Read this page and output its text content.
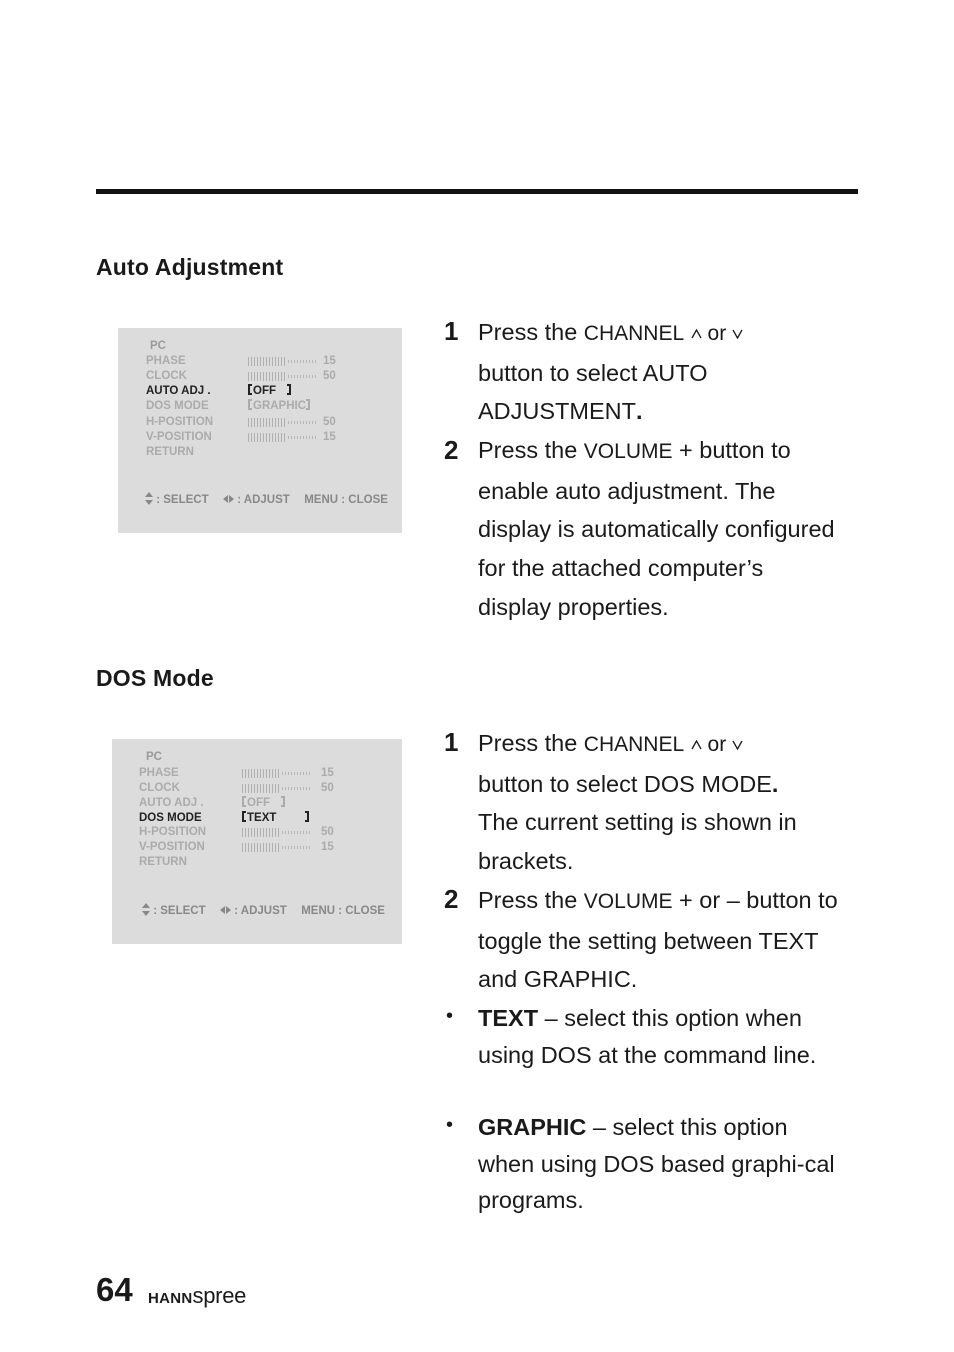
Auto Adjustment
PC
PHASE	15
CLOCK	50
AUTO ADJ .	OFF
DOS MODE	GRAPHIC
H-POSITION	50
V-POSITION	15
RETURN
: SELECT : ADJUST MENU : CLOSE
1 Press the CHANNEL  or
button to select AUTO ADJUSTMENT.
2 Press the VOLUME + button to enable auto adjustment. The display is automatically configured for the attached computer’s display properties.
DOS Mode
PC
PHASE	15
CLOCK	50
AUTO ADJ .	OFF
DOS MODE	TEXT
H-POSITION	50
V-POSITION	15
RETURN
: SELECT : ADJUST MENU : CLOSE
1 Press the CHANNEL  or
button to select DOS MODE.
The current setting is shown in brackets.
2 Press the VOLUME + or – button to toggle the setting between TEXT and GRAPHIC.
• TEXT – select this option when using DOS at the command line.
• GRAPHIC – select this option when using DOS based graphi-cal programs.
64 HANNspree
